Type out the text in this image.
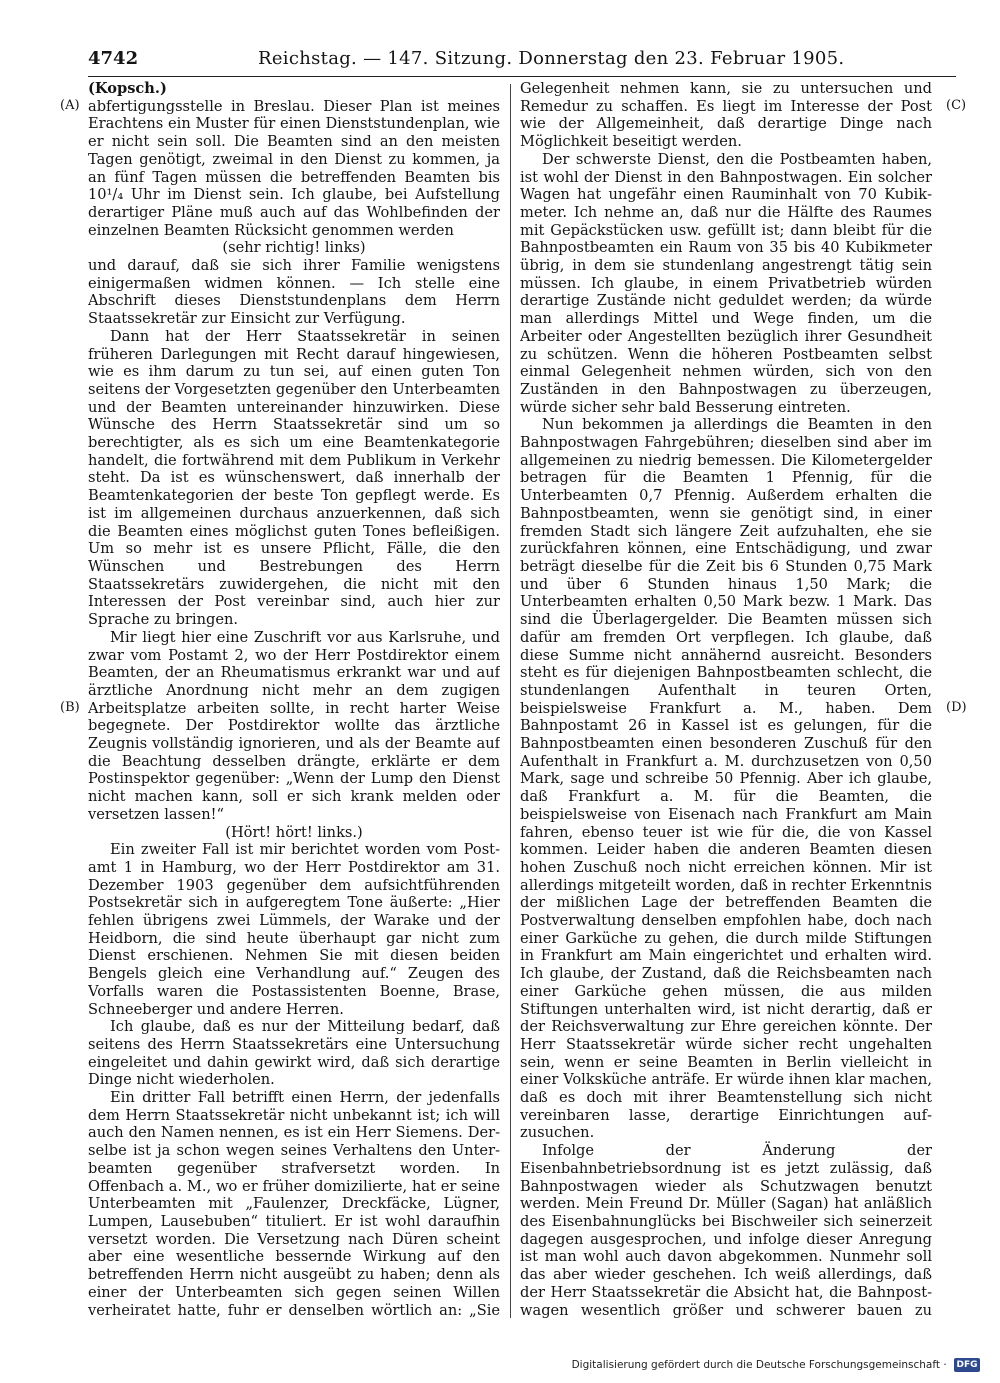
4742	Reichstag. — 147. Sitzung. Donnerstag den 23. Februar 1905.
(A)
(B)
(C)
(D)

(Kopsch.)

abfertigungsstelle in Breslau. Dieser Plan ist meines Erachtens ein Muster für einen Dienststundenplan, wie er nicht sein soll. Die Beamten sind an den meisten Tagen genötigt, zweimal in den Dienst zu kommen, ja an fünf Tagen müssen die betreffenden Beamten bis 10¹/₄ Uhr im Dienst sein. Ich glaube, bei Aufstellung derartiger Pläne muß auch auf das Wohlbefinden der einzelnen Beamten Rücksicht genommen werden

(sehr richtig! links)

und darauf, daß sie sich ihrer Familie wenigstens einigermaßen widmen können. — Ich stelle eine Abschrift dieses Dienststundenplans dem Herrn Staatssekretär zur Einsicht zur Verfügung.

Dann hat der Herr Staatssekretär in seinen früheren Darlegungen mit Recht darauf hingewiesen, wie es ihm darum zu tun sei, auf einen guten Ton seitens der Vorgesetzten gegenüber den Unterbeamten und der Beamten untereinander hinzuwirken. Diese Wünsche des Herrn Staatssekretär sind um so berechtigter, als es sich um eine Beamtenkategorie handelt, die fortwährend mit dem Publikum in Verkehr steht. Da ist es wünschenswert, daß innerhalb der Beamtenkategorien der beste Ton gepflegt werde. Es ist im allgemeinen durchaus anzuerkennen, daß sich die Beamten eines möglichst guten Tones befleißigen. Um so mehr ist es unsere Pflicht, Fälle, die den Wünschen und Bestrebungen des Herrn Staatssekretärs zuwidergehen, die nicht mit den Interessen der Post vereinbar sind, auch hier zur Sprache zu bringen.

Mir liegt hier eine Zuschrift vor aus Karlsruhe, und zwar vom Postamt 2, wo der Herr Postdirektor einem Beamten, der an Rheumatismus erkrankt war und auf ärztliche Anordnung nicht mehr an dem zugigen Arbeitsplatze arbeiten sollte, in recht harter Weise begegnete. Der Postdirektor wollte das ärztliche Zeugnis vollständig ignorieren, und als der Beamte auf die Beachtung desselben drängte, erklärte er dem Postinspektor gegenüber: „Wenn der Lump den Dienst nicht machen kann, soll er sich krank melden oder versetzen lassen!“

(Hört! hört! links.)

Ein zweiter Fall ist mir berichtet worden vom Postamt 1 in Hamburg, wo der Herr Postdirektor am 31. Dezember 1903 gegenüber dem aufsichtführenden Postsekretär sich in aufgeregtem Tone äußerte: „Hier fehlen übrigens zwei Lümmels, der Warake und der Heidborn, die sind heute überhaupt gar nicht zum Dienst erschienen. Nehmen Sie mit diesen beiden Bengels gleich eine Verhandlung auf.“ Zeugen des Vorfalls waren die Postassistenten Boenne, Brase, Schneeberger und andere Herren.

Ich glaube, daß es nur der Mitteilung bedarf, daß seitens des Herrn Staatssekretärs eine Untersuchung eingeleitet und dahin gewirkt wird, daß sich derartige Dinge nicht wiederholen.

Ein dritter Fall betrifft einen Herrn, der jedenfalls dem Herrn Staatssekretär nicht unbekannt ist; ich will auch den Namen nennen, es ist ein Herr Siemens. Derselbe ist ja schon wegen seines Verhaltens den Unterbeamten gegenüber strafversetzt worden. In Offenbach a. M., wo er früher domizilierte, hat er seine Unterbeamten mit „Faulenzer, Dreckfäcke, Lügner, Lumpen, Lausebuben“ tituliert. Er ist wohl daraufhin versetzt worden. Die Versetzung nach Düren scheint aber eine wesentliche bessernde Wirkung auf den betreffenden Herrn nicht ausgeübt zu haben; denn als einer der Unterbeamten sich gegen seinen Willen verheiratet hatte, fuhr er denselben wörtlich an: „Sie

Gelegenheit nehmen kann, sie zu untersuchen und Remedur zu schaffen. Es liegt im Interesse der Post wie der Allgemeinheit, daß derartige Dinge nach Möglichkeit beseitigt werden.

Der schwerste Dienst, den die Postbeamten haben, ist wohl der Dienst in den Bahnpostwagen. Ein solcher Wagen hat ungefähr einen Rauminhalt von 70 Kubikmeter. Ich nehme an, daß nur die Hälfte des Raumes mit Gepäckstücken usw. gefüllt ist; dann bleibt für die Bahnpostbeamten ein Raum von 35 bis 40 Kubikmeter übrig, in dem sie stundenlang angestrengt tätig sein müssen. Ich glaube, in einem Privatbetrieb würden derartige Zustände nicht geduldet werden; da würde man allerdings Mittel und Wege finden, um die Arbeiter oder Angestellten bezüglich ihrer Gesundheit zu schützen. Wenn die höheren Postbeamten selbst einmal Gelegenheit nehmen würden, sich von den Zuständen in den Bahnpostwagen zu überzeugen, würde sicher sehr bald Besserung eintreten.

Nun bekommen ja allerdings die Beamten in den Bahnpostwagen Fahrgebühren; dieselben sind aber im allgemeinen zu niedrig bemessen. Die Kilometergelder betragen für die Beamten 1 Pfennig, für die Unterbeamten 0,7 Pfennig. Außerdem erhalten die Bahnpostbeamten, wenn sie genötigt sind, in einer fremden Stadt sich längere Zeit aufzuhalten, ehe sie zurückfahren können, eine Entschädigung, und zwar beträgt dieselbe für die Zeit bis 6 Stunden 0,75 Mark und über 6 Stunden hinaus 1,50 Mark; die Unterbeamten erhalten 0,50 Mark bezw. 1 Mark. Das sind die Überlagergelder. Die Beamten müssen sich dafür am fremden Ort verpflegen. Ich glaube, daß diese Summe nicht annähernd ausreicht. Besonders steht es für diejenigen Bahnpostbeamten schlecht, die stundenlangen Aufenthalt in teuren Orten, beispielsweise Frankfurt a. M., haben. Dem Bahnpostamt 26 in Kassel ist es gelungen, für die Bahnpostbeamten einen besonderen Zuschuß für den Aufenthalt in Frankfurt a. M. durchzusetzen von 0,50 Mark, sage und schreibe 50 Pfennig. Aber ich glaube, daß Frankfurt a. M. für die Beamten, die beispielsweise von Eisenach nach Frankfurt am Main fahren, ebenso teuer ist wie für die, die von Kassel kommen. Leider haben die anderen Beamten diesen hohen Zuschuß noch nicht erreichen können. Mir ist allerdings mitgeteilt worden, daß in rechter Erkenntnis der mißlichen Lage der betreffenden Beamten die Postverwaltung denselben empfohlen habe, doch nach einer Garküche zu gehen, die durch milde Stiftungen in Frankfurt am Main eingerichtet und erhalten wird. Ich glaube, der Zustand, daß die Reichsbeamten nach einer Garküche gehen müssen, die aus milden Stiftungen unterhalten wird, ist nicht derartig, daß er der Reichsverwaltung zur Ehre gereichen könnte. Der Herr Staatssekretär würde sicher recht ungehalten sein, wenn er seine Beamten in Berlin vielleicht in einer Volksküche anträfe. Er würde ihnen klar machen, daß es doch mit ihrer Beamtenstellung sich nicht vereinbaren lasse, derartige Einrichtungen aufzusuchen.

Infolge der Änderung der Eisenbahnbetriebsordnung ist es jetzt zulässig, daß Bahnpostwagen wieder als Schutzwagen benutzt werden. Mein Freund Dr. Müller (Sagan) hat anläßlich des Eisenbahnunglücks bei Bischweiler sich seinerzeit dagegen ausgesprochen, und infolge dieser Anregung ist man wohl auch davon abgekommen. Nunmehr soll das aber wieder geschehen. Ich weiß allerdings, daß der Herr Staatssekretär die Absicht hat, die Bahnpostwagen wesentlich größer und schwerer bauen zu

Digitalisierung gefördert durch die Deutsche Forschungsgemeinschaft · DFG
